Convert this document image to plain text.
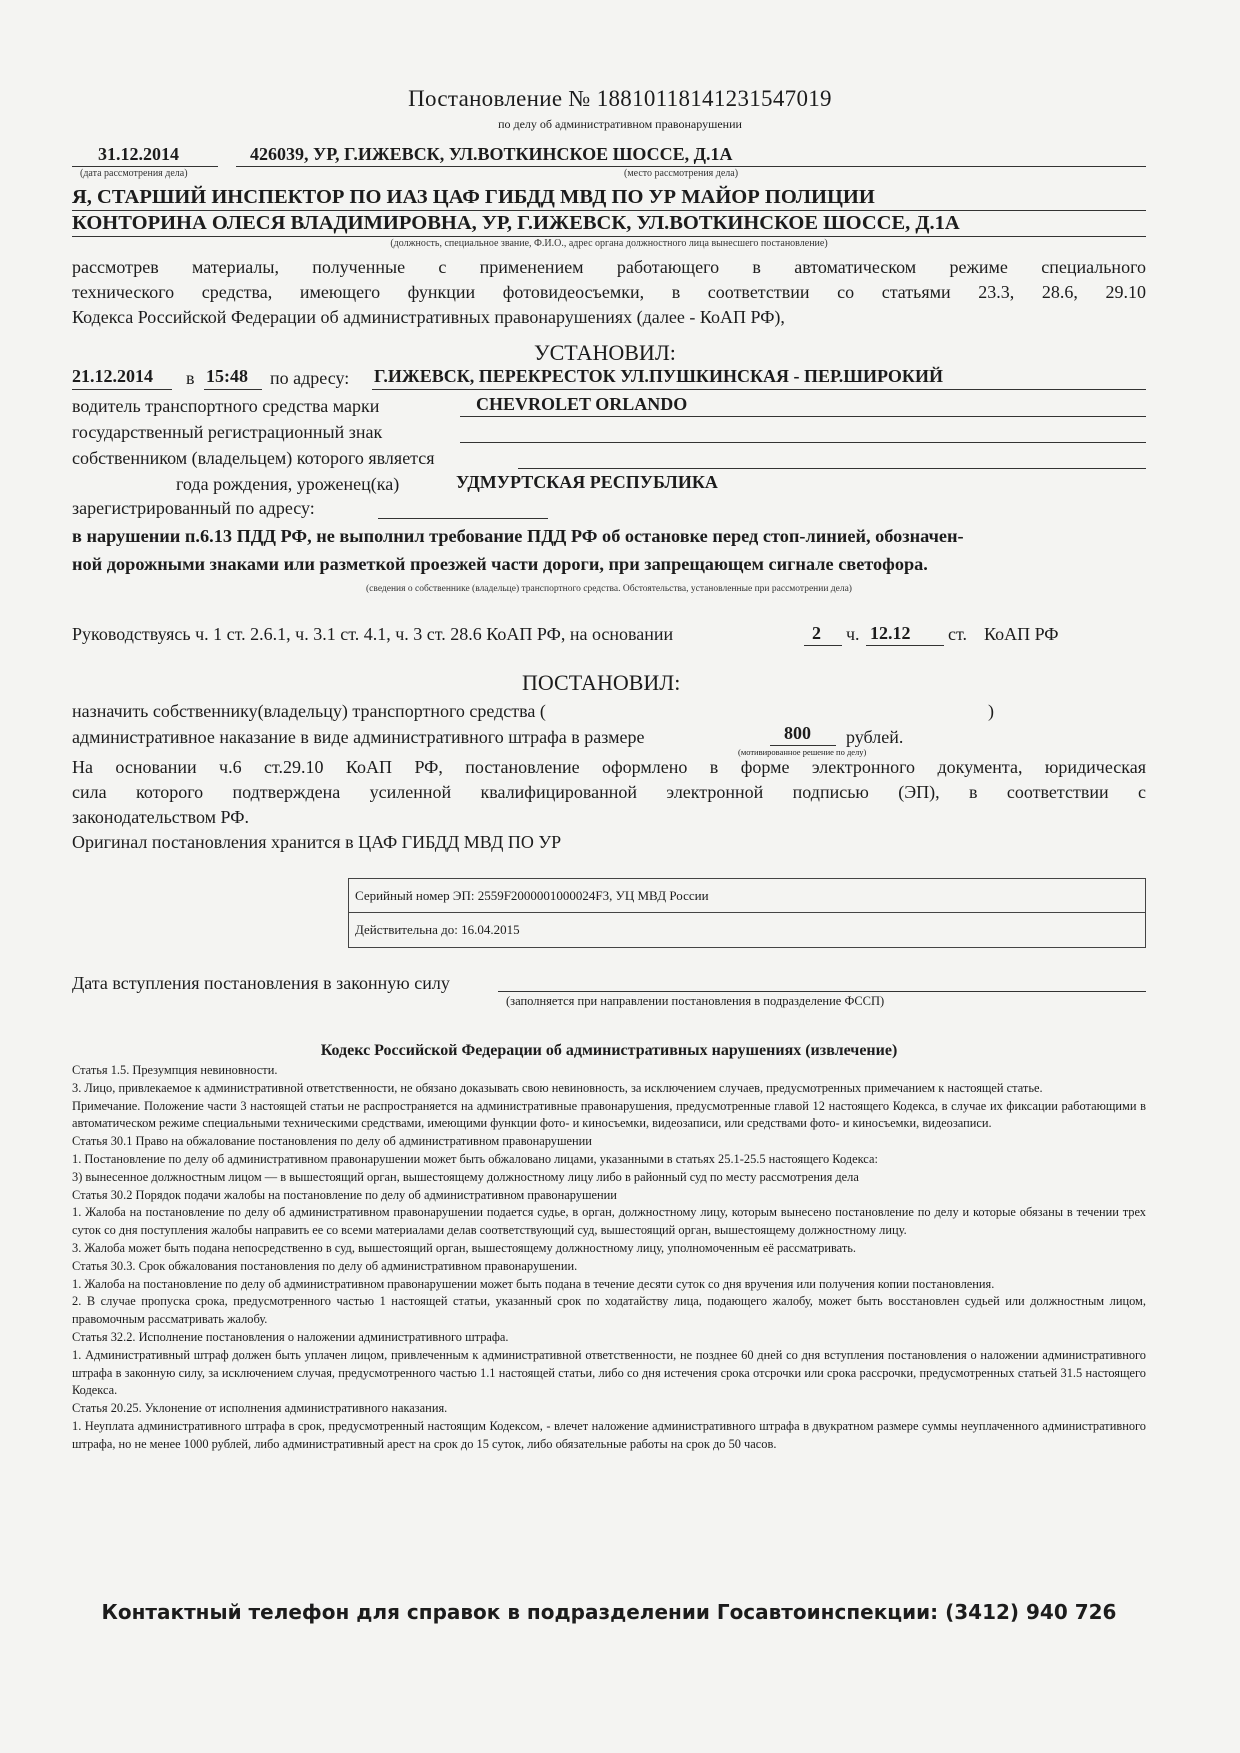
Постановление № 18810118141231547019
по делу об административном правонарушении
31.12.2014	426039, УР, Г.ИЖЕВСК, УЛ.ВОТКИНСКОЕ ШОССЕ, Д.1А
(дата рассмотрения дела)	(место рассмотрения дела)
Я, СТАРШИЙ ИНСПЕКТОР ПО ИАЗ ЦАФ ГИБДД МВД ПО УР МАЙОР ПОЛИЦИИ
КОНТОРИНА ОЛЕСЯ ВЛАДИМИРОВНА, УР, Г.ИЖЕВСК, УЛ.ВОТКИНСКОЕ ШОССЕ, Д.1А
(должность, специальное звание, Ф.И.О., адрес органа должностного лица вынесшего постановление)
рассмотрев материалы, полученные с применением работающего в автоматическом режиме специального
технического средства, имеющего функции фотовидеосъемки, в соответствии со статьями 23.3, 28.6, 29.10
Кодекса Российской Федерации об административных правонарушениях (далее - КоАП РФ),
УСТАНОВИЛ:
21.12.2014 в 15:48 по адресу: Г.ИЖЕВСК, ПЕРЕКРЕСТОК УЛ.ПУШКИНСКАЯ - ПЕР.ШИРОКИЙ
водитель транспортного средства марки	CHEVROLET ORLANDO
государственный регистрационный знак
собственником (владельцем) которого является
года рождения, уроженец(ка)	УДМУРТСКАЯ РЕСПУБЛИКА
зарегистрированный по адресу:
в нарушении п.6.13 ПДД РФ, не выполнил требование ПДД РФ об остановке перед стоп-линией, обозначен-
ной дорожными знаками или разметкой проезжей части дороги, при запрещающем сигнале светофора.
(сведения о собственнике (владельце) транспортного средства. Обстоятельства, установленные при рассмотрении дела)
Руководствуясь ч. 1 ст. 2.6.1, ч. 3.1 ст. 4.1, ч. 3 ст. 28.6 КоАП РФ, на основании	2 ч. 12.12 ст. КоАП РФ
ПОСТАНОВИЛ:
назначить собственнику(владельцу) транспортного средства (	)
административное наказание в виде административного штрафа в размере	800 рублей.
(мотивированное решение по делу)
На основании ч.6 ст.29.10 КоАП РФ, постановление оформлено в форме электронного документа, юридическая
сила которого подтверждена усиленной квалифицированной электронной подписью (ЭП), в соответствии с
законодательством РФ.
Оригинал постановления хранится в ЦАФ ГИБДД МВД ПО УР
Серийный номер ЭП: 2559F2000001000024F3, УЦ МВД России
Действительна до: 16.04.2015
Дата вступления постановления в законную силу
(заполняется при направлении постановления в подразделение ФССП)
Кодекс Российской Федерации об административных нарушениях (извлечение)

Статья 1.5. Презумпция невиновности.

3. Лицо, привлекаемое к административной ответственности, не обязано доказывать свою невиновность, за исключением случаев, предусмотренных примечанием к настоящей статье.

Примечание. Положение части 3 настоящей статьи не распространяется на административные правонарушения, предусмотренные главой 12 настоящего Кодекса, в случае их фиксации работающими в автоматическом режиме специальными техническими средствами, имеющими функции фото- и киносъемки, видеозаписи, или средствами фото- и киносъемки, видеозаписи.

Статья 30.1 Право на обжалование постановления по делу об административном правонарушении

1. Постановление по делу об административном правонарушении может быть обжаловано лицами, указанными в статьях 25.1-25.5 настоящего Кодекса:

3) вынесенное должностным лицом — в вышестоящий орган, вышестоящему должностному лицу либо в районный суд по месту рассмотрения дела

Статья 30.2 Порядок подачи жалобы на постановление по делу об административном правонарушении

1. Жалоба на постановление по делу об административном правонарушении подается судье, в орган, должностному лицу, которым вынесено постановление по делу и которые обязаны в течении трех суток со дня поступления жалобы направить ее со всеми материалами делав соответствующий суд, вышестоящий орган, вышестоящему должностному лицу.

3. Жалоба может быть подана непосредственно в суд, вышестоящий орган, вышестоящему должностному лицу, уполномоченным её рассматривать.

Статья 30.3. Срок обжалования постановления по делу об административном правонарушении.

1. Жалоба на постановление по делу об административном правонарушении может быть подана в течение десяти суток со дня вручения или получения копии постановления.

2. В случае пропуска срока, предусмотренного частью 1 настоящей статьи, указанный срок по ходатайству лица, подающего жалобу, может быть восстановлен судьей или должностным лицом, правомочным рассматривать жалобу.

Статья 32.2. Исполнение постановления о наложении административного штрафа.

1. Административный штраф должен быть уплачен лицом, привлеченным к административной ответственности, не позднее 60 дней со дня вступления постановления о наложении административного штрафа в законную силу, за исключением случая, предусмотренного частью 1.1 настоящей статьи, либо со дня истечения срока отсрочки или срока рассрочки, предусмотренных статьей 31.5 настоящего Кодекса.

Статья 20.25. Уклонение от исполнения административного наказания.

1. Неуплата административного штрафа в срок, предусмотренный настоящим Кодексом, - влечет наложение административного штрафа в двукратном размере суммы неуплаченного административного штрафа, но не менее 1000 рублей, либо административный арест на срок до 15 суток, либо обязательные работы на срок до 50 часов.

Контактный телефон для справок в подразделении Госавтоинспекции: (3412) 940 726
